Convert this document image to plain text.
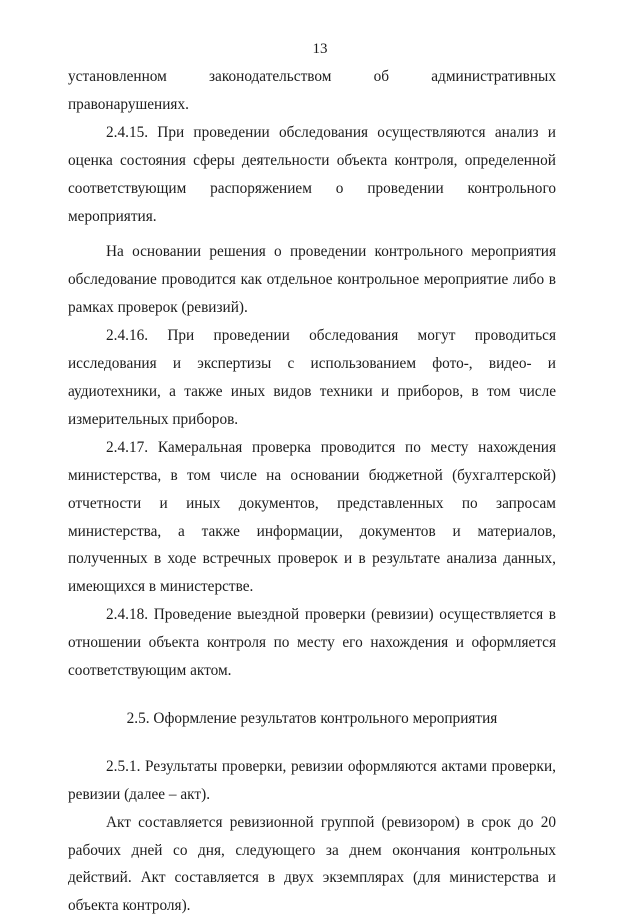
13

установленном законодательством об административных правонарушениях.

2.4.15. При проведении обследования осуществляются анализ и оценка состояния сферы деятельности объекта контроля, определенной соответствующим распоряжением о проведении контрольного мероприятия.

На основании решения о проведении контрольного мероприятия обследование проводится как отдельное контрольное мероприятие либо в рамках проверок (ревизий).

2.4.16. При проведении обследования могут проводиться исследования и экспертизы с использованием фото-, видео- и аудиотехники, а также иных видов техники и приборов, в том числе измерительных приборов.

2.4.17. Камеральная проверка проводится по месту нахождения министерства, в том числе на основании бюджетной (бухгалтерской) отчетности и иных документов, представленных по запросам министерства, а также информации, документов и материалов, полученных в ходе встречных проверок и в результате анализа данных, имеющихся в министерстве.

2.4.18. Проведение выездной проверки (ревизии) осуществляется в отношении объекта контроля по месту его нахождения и оформляется соответствующим актом.

2.5. Оформление результатов контрольного мероприятия

2.5.1. Результаты проверки, ревизии оформляются актами проверки, ревизии (далее – акт).

Акт составляется ревизионной группой (ревизором) в срок до 20 рабочих дней со дня, следующего за днем окончания контрольных действий. Акт составляется в двух экземплярах (для министерства и объекта контроля).
